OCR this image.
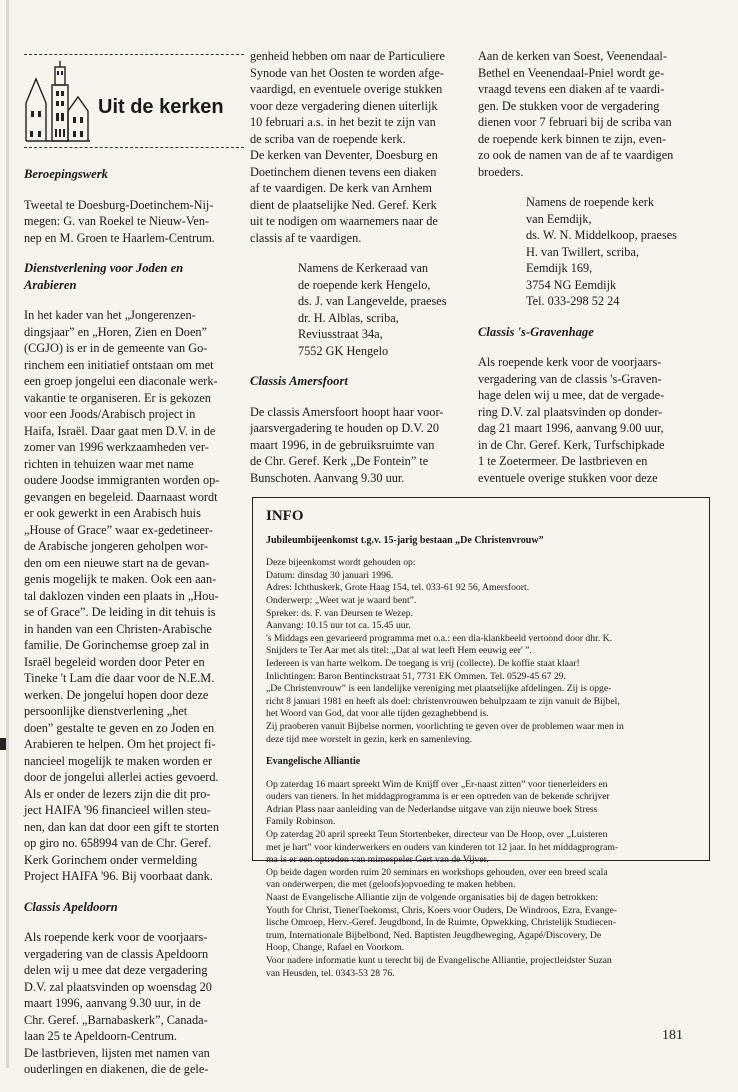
Uit de kerken
Beroepingswerk

Tweetal te Doesburg-Doetinchem-Nij-
megen: G. van Roekel te Nieuw-Ven-
nep en M. Groen te Haarlem-Centrum.

Dienstverlening voor Joden en
Arabieren

In het kader van het „Jongerenzen-
dingsjaar” en „Horen, Zien en Doen”
(CGJO) is er in de gemeente van Go-
rinchem een initiatief ontstaan om met
een groep jongelui een diaconale werk-
vakantie te organiseren. Er is gekozen
voor een Joods/Arabisch project in
Haifa, Israël. Daar gaat men D.V. in de
zomer van 1996 werkzaamheden ver-
richten in tehuizen waar met name
oudere Joodse immigranten worden op-
gevangen en begeleid. Daarnaast wordt
er ook gewerkt in een Arabisch huis
„House of Grace” waar ex-gedetineer-
de Arabische jongeren geholpen wor-
den om een nieuwe start na de gevan-
genis mogelijk te maken. Ook een aan-
tal daklozen vinden een plaats in „Hou-
se of Grace”. De leiding in dit tehuis is
in handen van een Christen-Arabische
familie. De Gorinchemse groep zal in
Israël begeleid worden door Peter en
Tineke 't Lam die daar voor de N.E.M.
werken. De jongelui hopen door deze
persoonlijke dienstverlening „het
doen” gestalte te geven en zo Joden en
Arabieren te helpen. Om het project fi-
nancieel mogelijk te maken worden er
door de jongelui allerlei acties gevoerd.
Als er onder de lezers zijn die dit pro-
ject HAIFA '96 financieel willen steu-
nen, dan kan dat door een gift te storten
op giro no. 658994 van de Chr. Geref.
Kerk Gorinchem onder vermelding
Project HAIFA '96. Bij voorbaat dank.

Classis Apeldoorn

Als roepende kerk voor de voorjaars-
vergadering van de classis Apeldoorn
delen wij u mee dat deze vergadering
D.V. zal plaatsvinden op woensdag 20
maart 1996, aanvang 9.30 uur, in de
Chr. Geref. „Barnabaskerk”, Canada-
laan 25 te Apeldoorn-Centrum.
De lastbrieven, lijsten met namen van
ouderlingen en diakenen, die de gele-

genheid hebben om naar de Particuliere
Synode van het Oosten te worden afge-
vaardigd, en eventuele overige stukken
voor deze vergadering dienen uiterlijk
10 februari a.s. in het bezit te zijn van
de scriba van de roepende kerk.
De kerken van Deventer, Doesburg en
Doetinchem dienen tevens een diaken
af te vaardigen. De kerk van Arnhem
dient de plaatselijke Ned. Geref. Kerk
uit te nodigen om waarnemers naar de
classis af te vaardigen.

Namens de Kerkeraad van
de roepende kerk Hengelo,
ds. J. van Langevelde, praeses
dr. H. Alblas, scriba,
Reviusstraat 34a,
7552 GK Hengelo
Classis Amersfoort

De classis Amersfoort hoopt haar voor-
jaarsvergadering te houden op D.V. 20
maart 1996, in de gebruiksruimte van
de Chr. Geref. Kerk „De Fontein” te
Bunschoten. Aanvang 9.30 uur.

Aan de kerken van Soest, Veenendaal-
Bethel en Veenendaal-Pniel wordt ge-
vraagd tevens een diaken af te vaardi-
gen. De stukken voor de vergadering
dienen voor 7 februari bij de scriba van
de roepende kerk binnen te zijn, even-
zo ook de namen van de af te vaardigen
broeders.

Namens de roepende kerk
van Eemdijk,
ds. W. N. Middelkoop, praeses
H. van Twillert, scriba,
Eemdijk 169,
3754 NG Eemdijk
Tel. 033-298 52 24
Classis 's-Gravenhage

Als roepende kerk voor de voorjaars-
vergadering van de classis 's-Graven-
hage delen wij u mee, dat de vergade-
ring D.V. zal plaatsvinden op donder-
dag 21 maart 1996, aanvang 9.00 uur,
in de Chr. Geref. Kerk, Turfschipkade
1 te Zoetermeer. De lastbrieven en
eventuele overige stukken voor deze

INFO
Jubileumbijeenkomst t.g.v. 15-jarig bestaan „De Christenvrouw”
Deze bijeenkomst wordt gehouden op:
Datum: dinsdag 30 januari 1996.
Adres: Ichthuskerk, Grote Haag 154, tel. 033-61 92 56, Amersfoort.
Onderwerp: „Weet wat je waard bent”.
Spreker: ds. F. van Deursen te Wezep.
Aanvang: 10.15 uur tot ca. 15.45 uur.
's Middags een gevarieerd programma met o.a.: een dia-klankbeeld vertoond door dhr. K.
Snijders te Ter Aar met als titel: „Dat al wat leeft Hem eeuwig eer' ”.
Iedereen is van harte welkom. De toegang is vrij (collecte). De koffie staat klaar!
Inlichtingen: Baron Bentinckstraat 51, 7731 EK Ommen. Tel. 0529-45 67 29.
„De Christenvrouw” is een landelijke vereniging met plaatselijke afdelingen. Zij is opge-
richt 8 januari 1981 en heeft als doel: christenvrouwen behulpzaam te zijn vanuit de Bijbel,
het Woord van God, dat voor alle tijden gezaghebbend is.
Zij praoberen vanuit Bijbelse normen, voorlichting te geven over de problemen waar men in
deze tijd mee worstelt in gezin, kerk en samenleving.
Evangelische Alliantie
Op zaterdag 16 maart spreekt Wim de Knijff over „Er-naast zitten” voor tienerleiders en
ouders van tieners. In het middagprogramma is er een optreden van de bekende schrijver
Adrian Plass naar aanleiding van de Nederlandse uitgave van zijn nieuwe boek Stress
Family Robinson.
Op zaterdag 20 april spreekt Teun Stortenbeker, directeur van De Hoop, over „Luisteren
met je hart” voor kinderwerkers en ouders van kinderen tot 12 jaar. In het middagprogram-
ma is er een optreden van mimespeler Gert van de Vijver.
Op beide dagen worden ruim 20 seminars en workshops gehouden, over een breed scala
van onderwerpen, die met (geloofs)opvoeding te maken hebben.
Naast de Evangelische Alliantie zijn de volgende organisaties bij de dagen betrokken:
Youth for Christ, TienerToekomst, Chris, Koers voor Ouders, De Windroos, Ezra, Evange-
lische Omroep, Herv.-Geref. Jeugdbond, In de Ruimte, Opwekking, Christelijk Studiecen-
trum, Internationale Bijbelbond, Ned. Baptisten Jeugdbeweging, Agapé/Discovery, De
Hoop, Change, Rafael en Voorkom.
Voor nadere informatie kunt u terecht bij de Evangelische Alliantie, projectleidster Suzan
van Heusden, tel. 0343-53 28 76.
181
